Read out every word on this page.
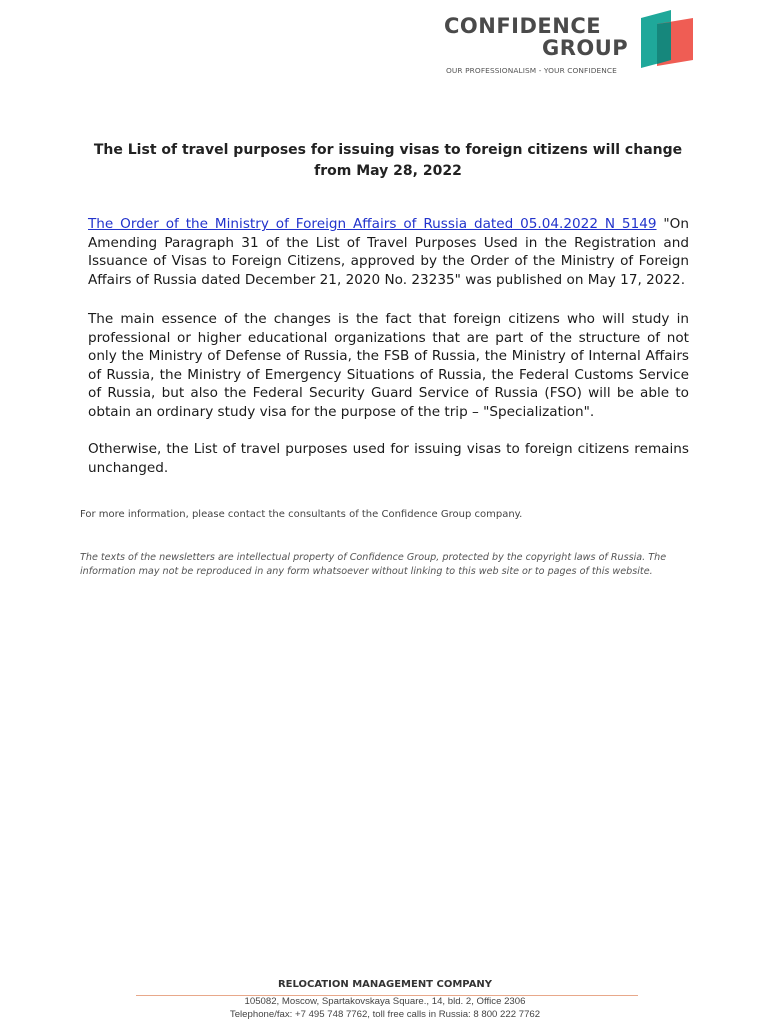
CONFIDENCE
GROUP
OUR PROFESSIONALISM - YOUR CONFIDENCE
The List of travel purposes for issuing visas to foreign citizens will change
from May 28, 2022
The Order of the Ministry of Foreign Affairs of Russia dated 05.04.2022 N 5149 "On Amending Paragraph 31 of the List of Travel Purposes Used in the Registration and Issuance of Visas to Foreign Citizens, approved by the Order of the Ministry of Foreign Affairs of Russia dated December 21, 2020 No. 23235" was published on May 17, 2022.
The main essence of the changes is the fact that foreign citizens who will study in professional or higher educational organizations that are part of the structure of not only the Ministry of Defense of Russia, the FSB of Russia, the Ministry of Internal Affairs of Russia, the Ministry of Emergency Situations of Russia, the Federal Customs Service of Russia, but also the Federal Security Guard Service of Russia (FSO) will be able to obtain an ordinary study visa for the purpose of the trip – "Specialization".
Otherwise, the List of travel purposes used for issuing visas to foreign citizens remains unchanged.
For more information, please contact the consultants of the Confidence Group company.
The texts of the newsletters are intellectual property of Confidence Group, protected by the copyright laws of Russia. The information may not be reproduced in any form whatsoever without linking to this web site or to pages of this website.
RELOCATION MANAGEMENT COMPANY
105082, Moscow, Spartakovskaya Square., 14, bld. 2, Office 2306
Telephone/fax: +7 495 748 7762, toll free calls in Russia: 8 800 222 7762
